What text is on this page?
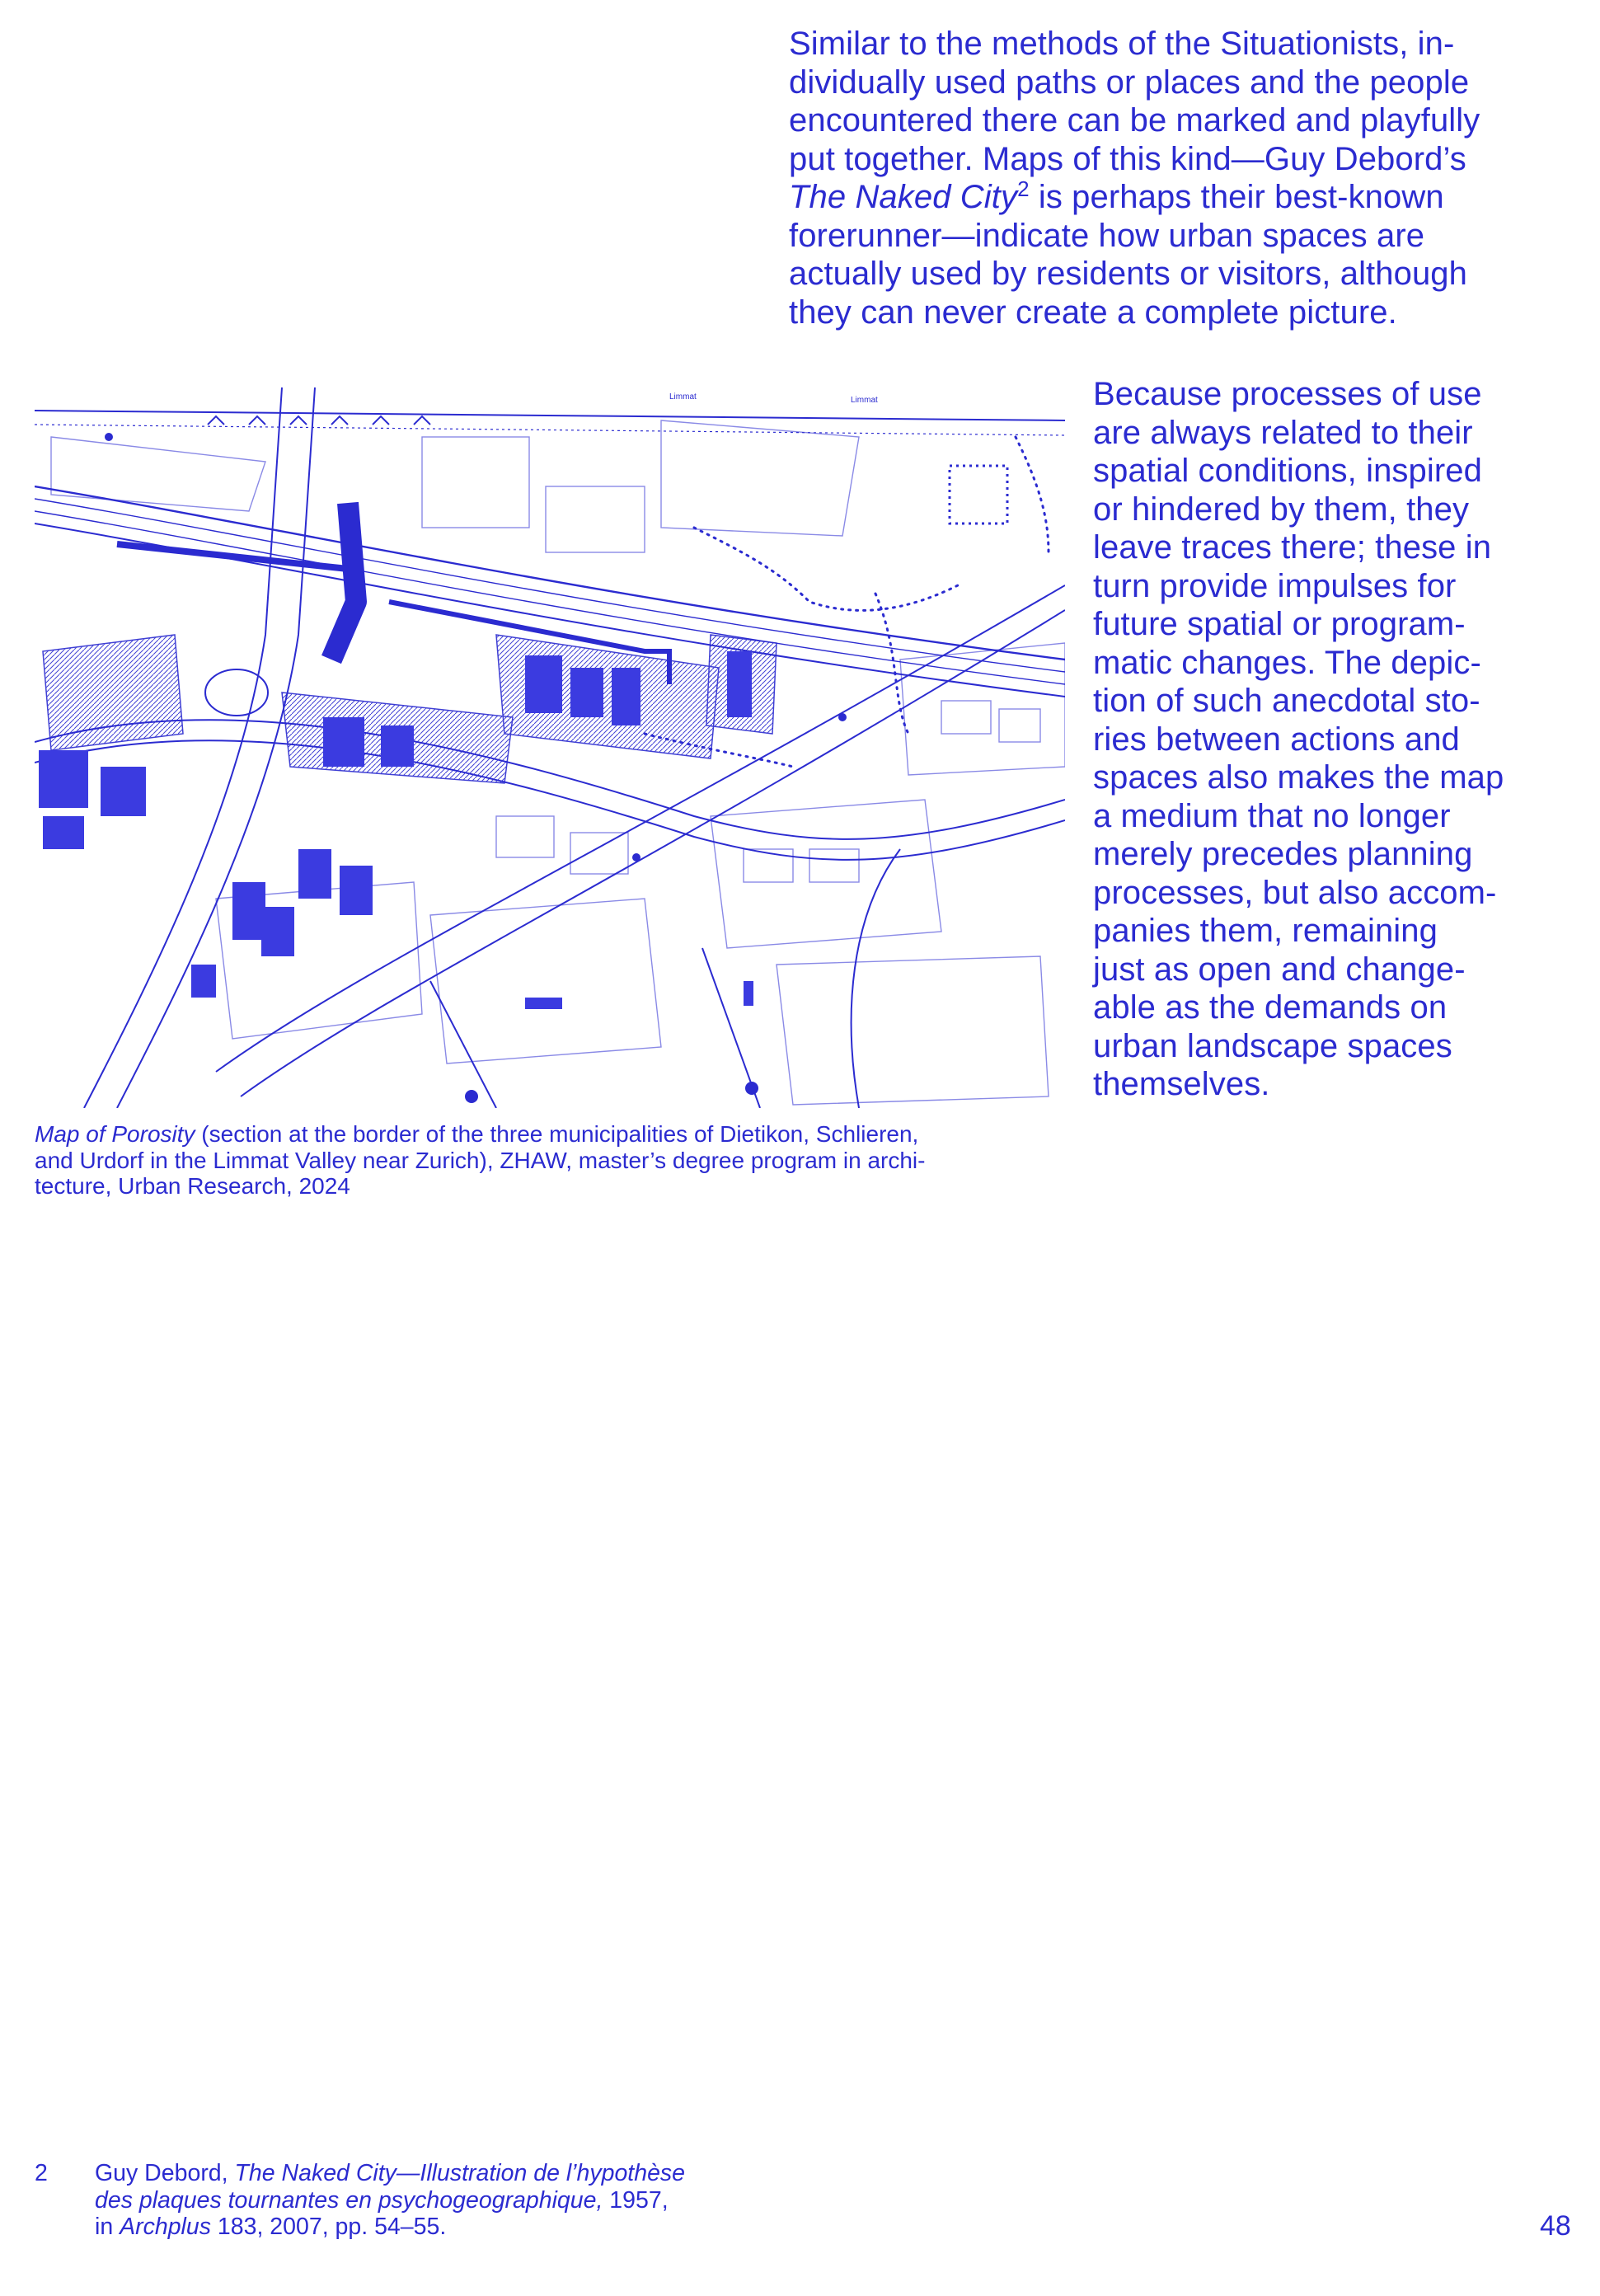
Similar to the methods of the Situationists, in-
dividually used paths or places and the people
encountered there can be marked and playfully
put together. Maps of this kind—Guy Debord’s
The Naked City$^2$ is perhaps their best-known
forerunner—indicate how urban spaces are
actually used by residents or visitors, although
they can never create a complete picture.
Because processes of use
are always related to their
spatial conditions, inspired
or hindered by them, they
leave traces there; these in
turn provide impulses for
future spatial or program-
matic changes. The depic-
tion of such anecdotal sto-
ries between actions and
spaces also makes the map
a medium that no longer
merely precedes planning
processes, but also accom-
panies them, remaining
just as open and change-
able as the demands on
urban landscape spaces
themselves.
Limmat	Limmat
Map of Porosity (section at the border of the three municipalities of Dietikon, Schlieren,
and Urdorf in the Limmat Valley near Zurich), ZHAW, master’s degree program in archi-
tecture, Urban Research, 2024
2 Guy Debord, The Naked City—Illustration de l’hypothèse
des plaques tournantes en psychogeographique, 1957,
in Archplus 183, 2007, pp. 54–55.	48
